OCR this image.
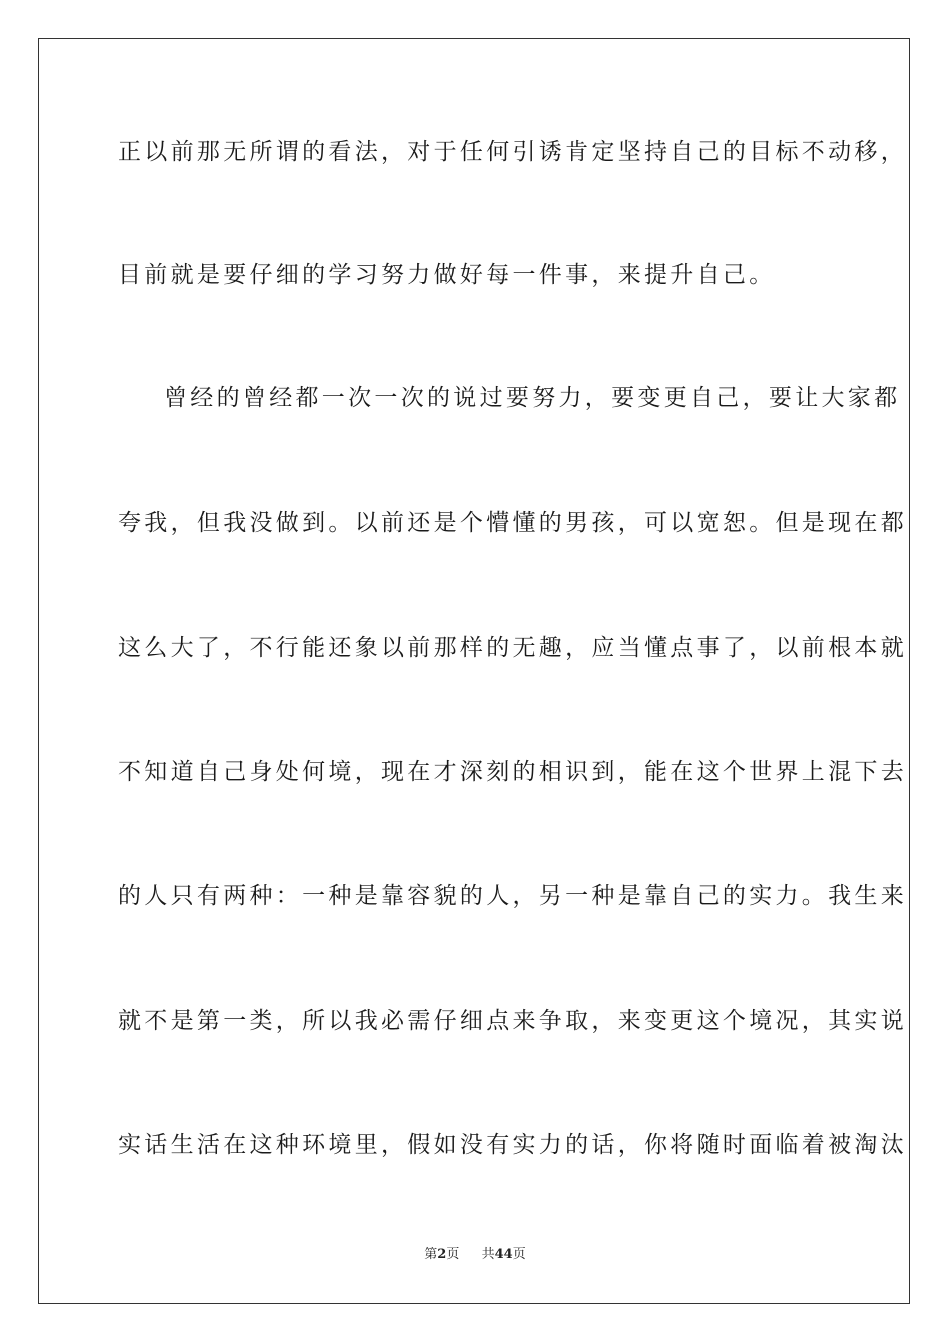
正以前那无所谓的看法，对于任何引诱肯定坚持自己的目标不动移，
目前就是要仔细的学习努力做好每一件事，来提升自己。
曾经的曾经都一次一次的说过要努力，要变更自己，要让大家都
夸我，但我没做到。以前还是个懵懂的男孩，可以宽恕。但是现在都
这么大了，不行能还象以前那样的无趣，应当懂点事了，以前根本就
不知道自己身处何境，现在才深刻的相识到，能在这个世界上混下去
的人只有两种：一种是靠容貌的人，另一种是靠自己的实力。我生来
就不是第一类，所以我必需仔细点来争取，来变更这个境况，其实说
实话生活在这种环境里，假如没有实力的话，你将随时面临着被淘汰
第2页 共44页
